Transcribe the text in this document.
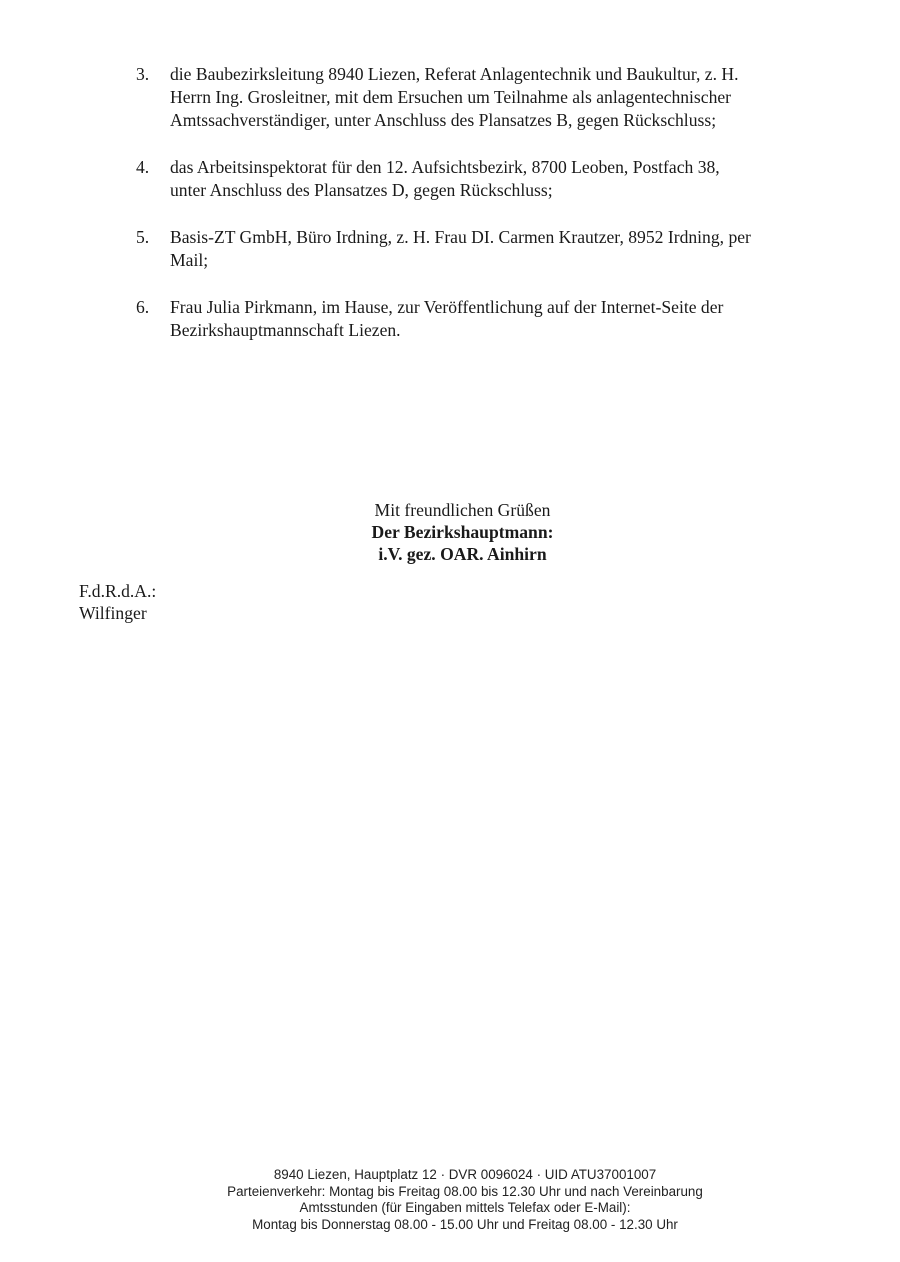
3.	die Baubezirksleitung 8940 Liezen, Referat Anlagentechnik und Baukultur, z. H.
Herrn Ing. Grosleitner, mit dem Ersuchen um Teilnahme als anlagentechnischer
Amtssachverständiger, unter Anschluss des Plansatzes B, gegen Rückschluss;
4.	das Arbeitsinspektorat für den 12. Aufsichtsbezirk, 8700 Leoben, Postfach 38,
unter Anschluss des Plansatzes D, gegen Rückschluss;
5.	Basis-ZT GmbH, Büro Irdning, z. H. Frau DI. Carmen Krautzer, 8952 Irdning, per
Mail;
6.	Frau Julia Pirkmann, im Hause, zur Veröffentlichung auf der Internet-Seite der
Bezirkshauptmannschaft Liezen.
Mit freundlichen Grüßen
Der Bezirkshauptmann:
i.V. gez. OAR. Ainhirn
F.d.R.d.A.:
Wilfinger
8940 Liezen, Hauptplatz 12 · DVR 0096024 · UID ATU37001007
Parteienverkehr: Montag bis Freitag 08.00 bis 12.30 Uhr und nach Vereinbarung
Amtsstunden (für Eingaben mittels Telefax oder E-Mail):
Montag bis Donnerstag 08.00 - 15.00 Uhr und Freitag 08.00 - 12.30 Uhr
